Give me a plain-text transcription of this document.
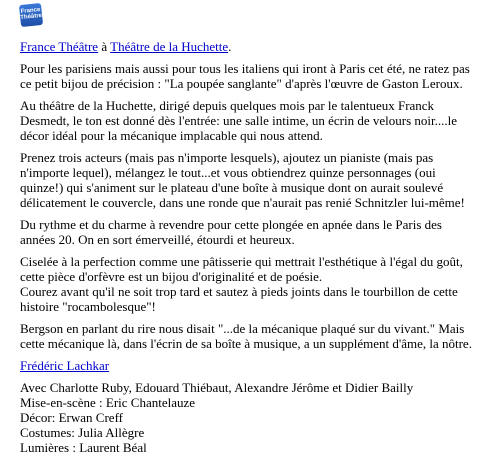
France
Théâtre

France Théâtre à Théâtre de la Huchette.

Pour les parisiens mais aussi pour tous les italiens qui iront à Paris cet été, ne ratez pas ce petit bijou de précision : "La poupée sanglante" d'après l'œuvre de Gaston Leroux.

Au théâtre de la Huchette, dirigé depuis quelques mois par le talentueux Franck Desmedt, le ton est donné dès l'entrée: une salle intime, un écrin de velours noir....le décor idéal pour la mécanique implacable qui nous attend.

Prenez trois acteurs (mais pas n'importe lesquels), ajoutez un pianiste (mais pas n'importe lequel), mélangez le tout...et vous obtiendrez quinze personnages (oui quinze!) qui s'animent sur le plateau d'une boîte à musique dont on aurait soulevé délicatement le couvercle, dans une ronde que n'aurait pas renié Schnitzler lui-même!

Du rythme et du charme à revendre pour cette plongée en apnée dans le Paris des années 20. On en sort émerveillé, étourdi et heureux.

Ciselée à la perfection comme une pâtisserie qui mettrait l'esthétique à l'égal du goût, cette pièce d'orfèvre est un bijou d'originalité et de poésie.
Courez avant qu'il ne soit trop tard et sautez à pieds joints dans le tourbillon de cette histoire "rocambolesque"!

Bergson en parlant du rire nous disait "...de la mécanique plaqué sur du vivant." Mais cette mécanique là, dans l'écrin de sa boîte à musique, a un supplément d'âme, la nôtre.

Frédéric Lachkar
Avec Charlotte Ruby, Edouard Thiébaut, Alexandre Jérôme et Didier Bailly
Mise-en-scène : Eric Chantelauze
Décor: Erwan Creff
Costumes: Julia Allègre
Lumières : Laurent Béal
